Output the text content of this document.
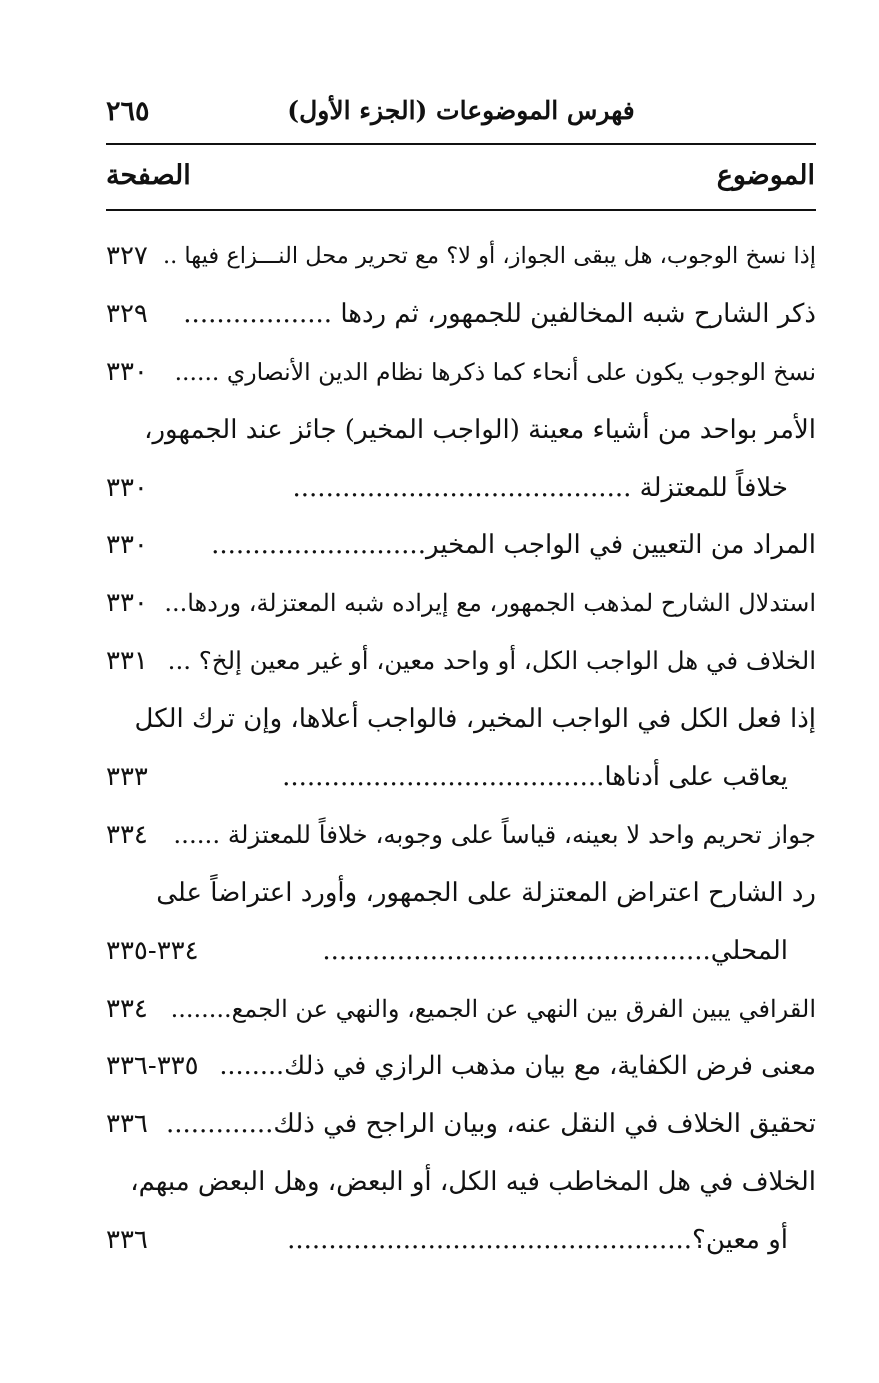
٢٦٥	فهرس الموضوعات (الجزء الأول)
الموضوع
الصفحة
إذا نسخ الوجوب، هل يبقى الجواز، أو لا؟ مع تحرير محل النـــزاع فيها ..
٣٢٧
ذكر الشارح شبه المخالفين للجمهور، ثم ردها ..................
٣٢٩
نسخ الوجوب يكون على أنحاء كما ذكرها نظام الدين الأنصاري ......
٣٣٠
الأمر بواحد من أشياء معينة (الواجب المخير) جائز عند الجمهور،
خلافاً للمعتزلة .........................................
٣٣٠
المراد من التعيين في الواجب المخير..........................
٣٣٠
استدلال الشارح لمذهب الجمهور، مع إيراده شبه المعتزلة، وردها...
٣٣٠
الخلاف في هل الواجب الكل، أو واحد معين، أو غير معين إلخ؟ ...
٣٣١
إذا فعل الكل في الواجب المخير، فالواجب أعلاها، وإن ترك الكل
يعاقب على أدناها.......................................
٣٣٣
جواز تحريم واحد لا بعينه، قياساً على وجوبه، خلافاً للمعتزلة ......
٣٣٤
رد الشارح اعتراض المعتزلة على الجمهور، وأورد اعتراضاً على
المحلي...............................................
٣٣٤-٣٣٥
القرافي يبين الفرق بين النهي عن الجميع، والنهي عن الجمع........
٣٣٤
معنى فرض الكفاية، مع بيان مذهب الرازي في ذلك........
٣٣٥-٣٣٦
تحقيق الخلاف في النقل عنه، وبيان الراجح في ذلك.............
٣٣٦
الخلاف في هل المخاطب فيه الكل، أو البعض، وهل البعض مبهم،
أو معين؟.................................................
٣٣٦
